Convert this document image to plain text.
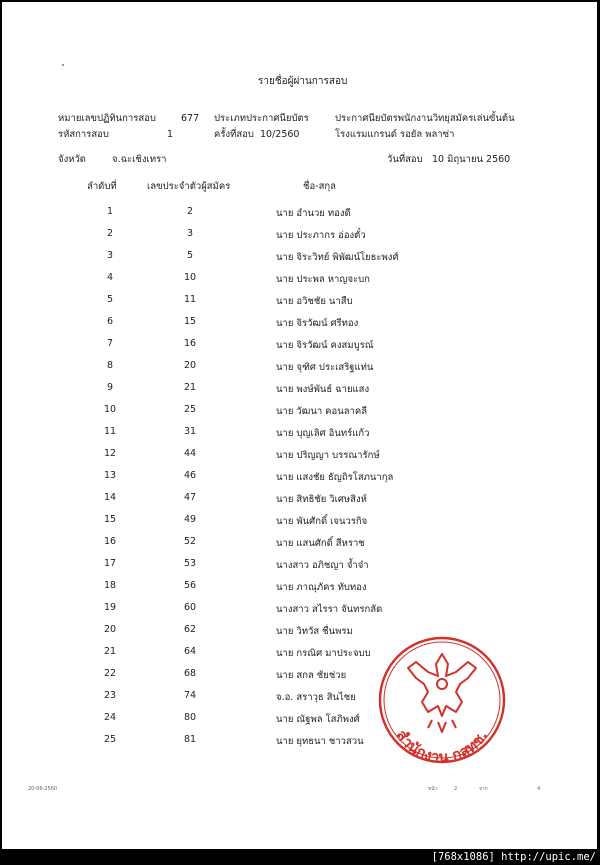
รายชื่อผู้ผ่านการสอบ
หมายเลขปฏิทินการสอบ	677 ประเภทประกาศนียบัตร	ประกาศนียบัตรพนักงานวิทยุสมัครเล่นขั้นต้น
รหัสการสอบ	1	ครั้งที่สอบ 10/2560	โรงแรมแกรนด์ รอยัล พลาซ่า
จังหวัด	จ.ฉะเชิงเทรา	วันที่สอบ 10 มิถุนายน 2560
ลำดับที่	เลขประจำตัวผู้สมัคร	ชื่อ-สกุล
1	2	นาย อำนวย ทองดี
2	3	นาย ประภากร อ่องตั๋ว
3	5	นาย จิระวิทย์ พิพัฒน์โยธะพงศ์
4	10	นาย ประพล หาญจะบก
5	11	นาย อวิชชัย นาสืบ
6	15	นาย จิรวัฒน์ ศรีทอง
7	16	นาย จิรวัฒน์ คงสมบูรณ์
8	20	นาย จุฑิศ ประเสริฐแท่น
9	21	นาย พงษ์พันธ์ ฉายแสง
10	25	นาย วัฒนา คอนลาคลี
11	31	นาย บุญเลิศ อินทร์แก้ว
12	44	นาย ปริญญา บรรณารักษ์
13	46	นาย แสงชัย ธัญถิรโสภนากุล
14	47	นาย สิทธิชัย วิเศษสิงห์
15	49	นาย พันศักดิ์ เจนวรกิจ
16	52	นาย แสนศักดิ์ สีหราช
17	53	นางสาว อภิชญา จ้ำจ๋า
18	56	นาย ภาณุภัคร ทับทอง
19	60	นางสาว สไรรา จันทรกลัด
20	62	นาย วิทวัส ชื่นพรม
21	64	นาย กรณิศ มาประจบบ
22	68	นาย สกล ชัยช่วย
23	74	จ.อ. สราวุธ สินไชย
24	80	นาย ณัฐพล โสภิพงศ์
25	81	นาย ยุทธนา ชาวสวน สำนักงาน กสทช.
20-06-2560	หน้า	2	จาก	4
[768x1086] http://upic.me/
